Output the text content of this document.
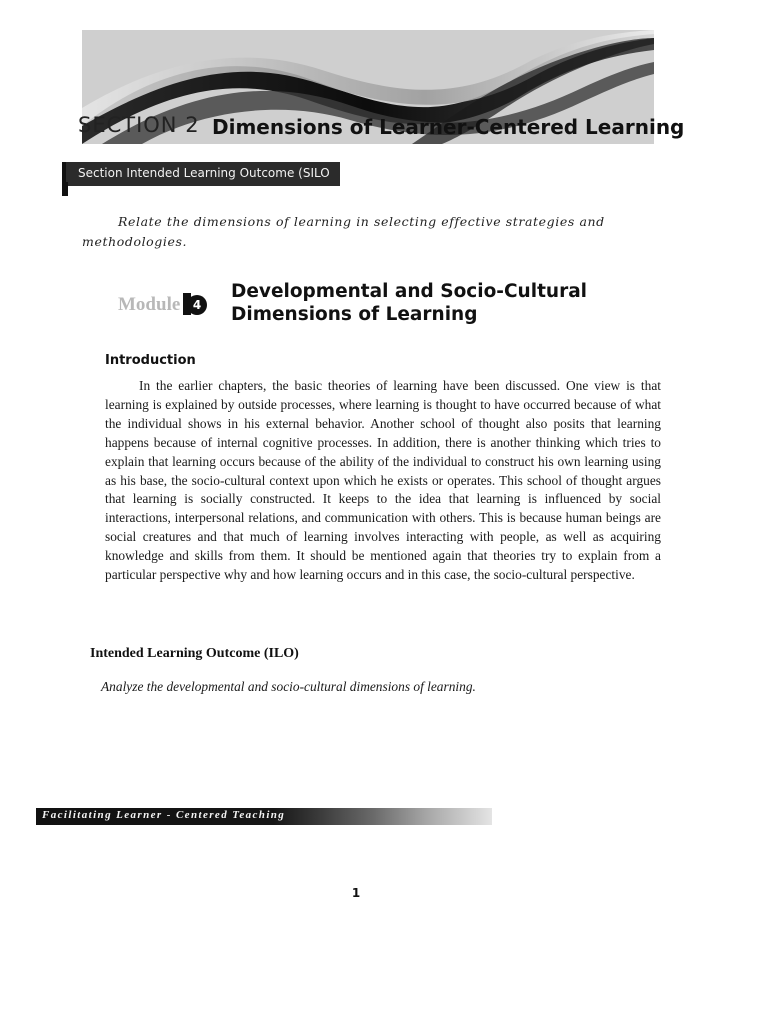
SECTION 2 Dimensions of Learner-Centered Learning
Section Intended Learning Outcome (SILO

Relate the dimensions of learning in selecting effective strategies and methodologies.

Module	4
Developmental and Socio-Cultural
Dimensions of Learning
Introduction

In the earlier chapters, the basic theories of learning have been discussed. One view is that learning is explained by outside processes, where learning is thought to have occurred because of what the individual shows in his external behavior. Another school of thought also posits that learning happens because of internal cognitive processes. In addition, there is another thinking which tries to explain that learning occurs because of the ability of the individual to construct his own learning using as his base, the socio-cultural context upon which he exists or operates. This school of thought argues that learning is socially constructed. It keeps to the idea that learning is influenced by social interactions, interpersonal relations, and communication with others. This is because human beings are social creatures and that much of learning involves interacting with people, as well as acquiring knowledge and skills from them. It should be mentioned again that theories try to explain from a particular perspective why and how learning occurs and in this case, the socio-cultural perspective.

Intended Learning Outcome (ILO)
Analyze the developmental and socio-cultural dimensions of learning.
Facilitating Learner - Centered Teaching
1
